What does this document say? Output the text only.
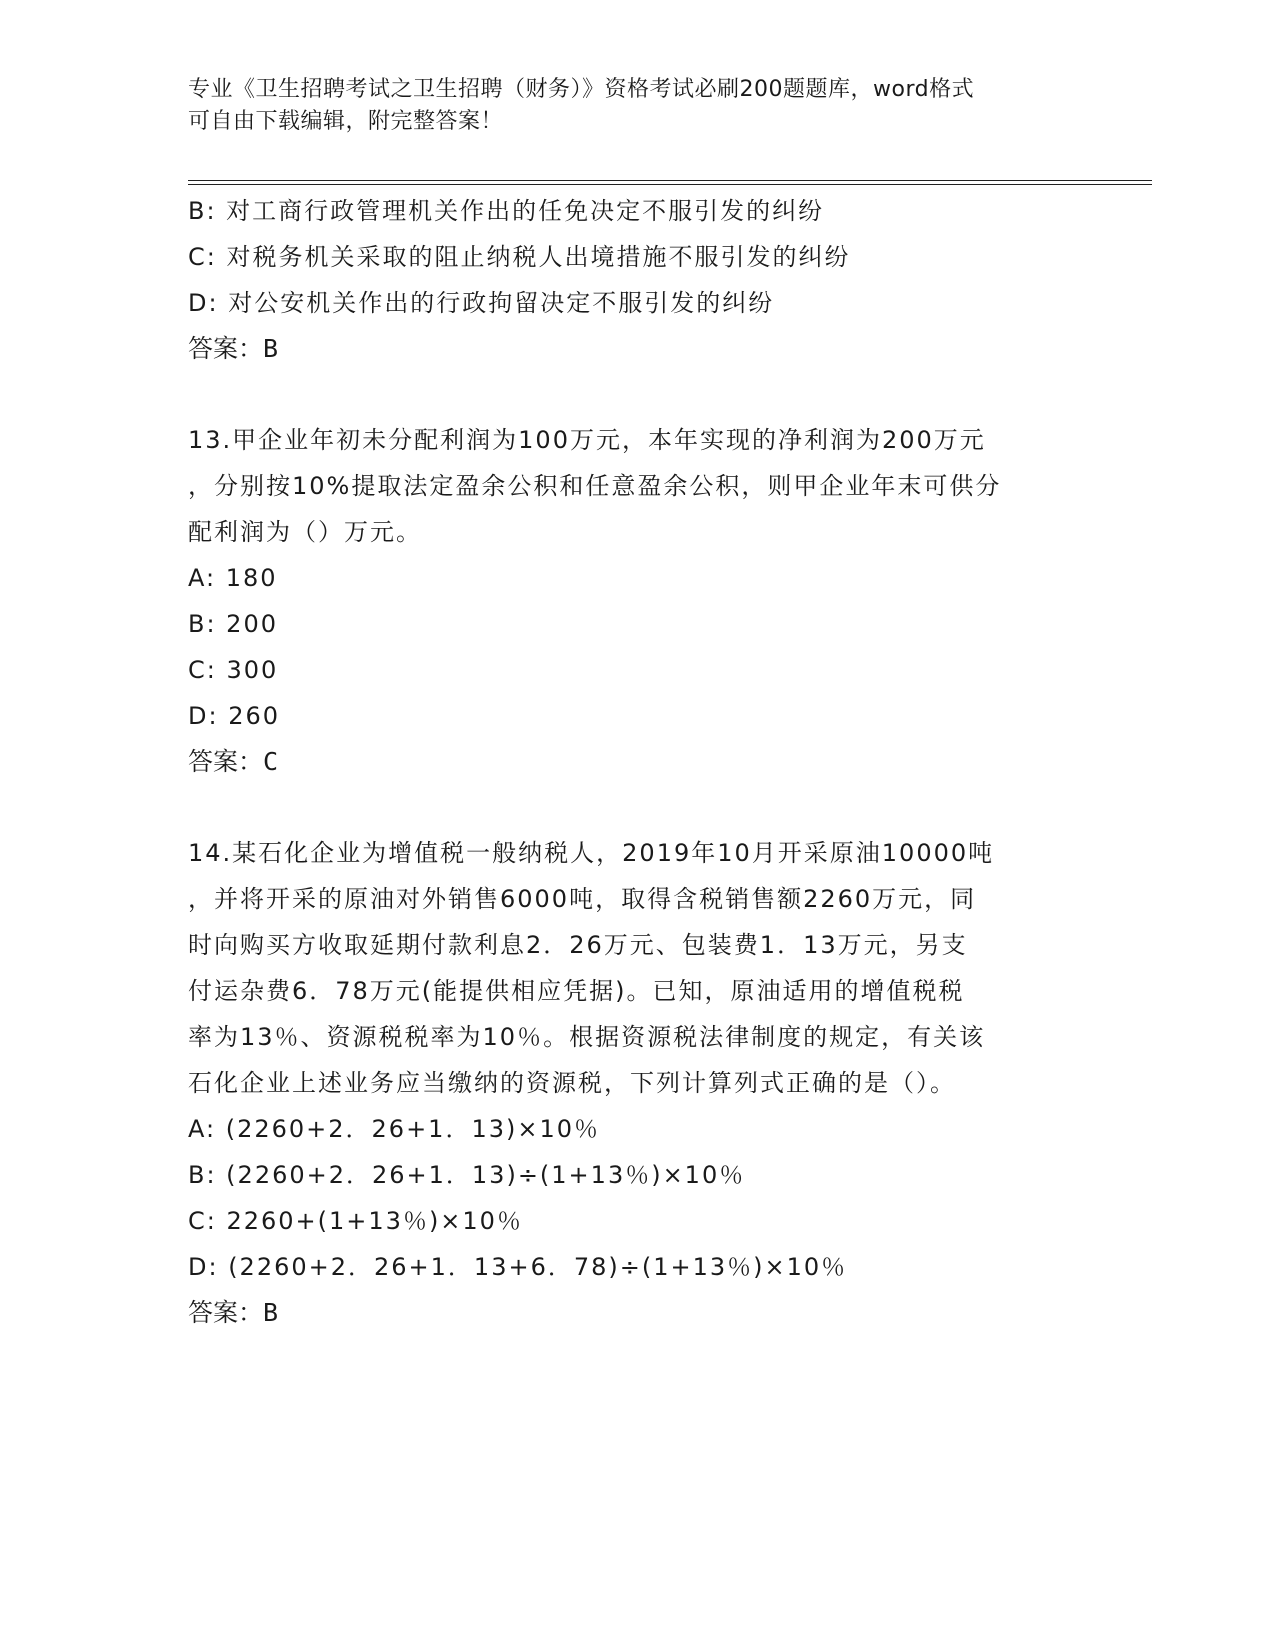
专业《卫生招聘考试之卫生招聘（财务）》资格考试必刷200题题库，word格式
可自由下载编辑，附完整答案！
B: 对工商行政管理机关作出的任免决定不服引发的纠纷
C: 对税务机关采取的阻止纳税人出境措施不服引发的纠纷
D: 对公安机关作出的行政拘留决定不服引发的纠纷
答案：B
13.甲企业年初未分配利润为100万元，本年实现的净利润为200万元
，分别按10%提取法定盈余公积和任意盈余公积，则甲企业年末可供分
配利润为（）万元。
A: 180
B: 200
C: 300
D: 260
答案：C
14.某石化企业为增值税一般纳税人，2019年10月开采原油10000吨
，并将开采的原油对外销售6000吨，取得含税销售额2260万元，同
时向购买方收取延期付款利息2．26万元、包装费1．13万元，另支
付运杂费6．78万元(能提供相应凭据)。已知，原油适用的增值税税
率为13％、资源税税率为10％。根据资源税法律制度的规定，有关该
石化企业上述业务应当缴纳的资源税，下列计算列式正确的是（）。
A: (2260+2．26+1．13)×10％
B: (2260+2．26+1．13)÷(1+13％)×10％
C: 2260+(1+13％)×10％
D: (2260+2．26+1．13+6．78)÷(1+13％)×10％
答案：B
